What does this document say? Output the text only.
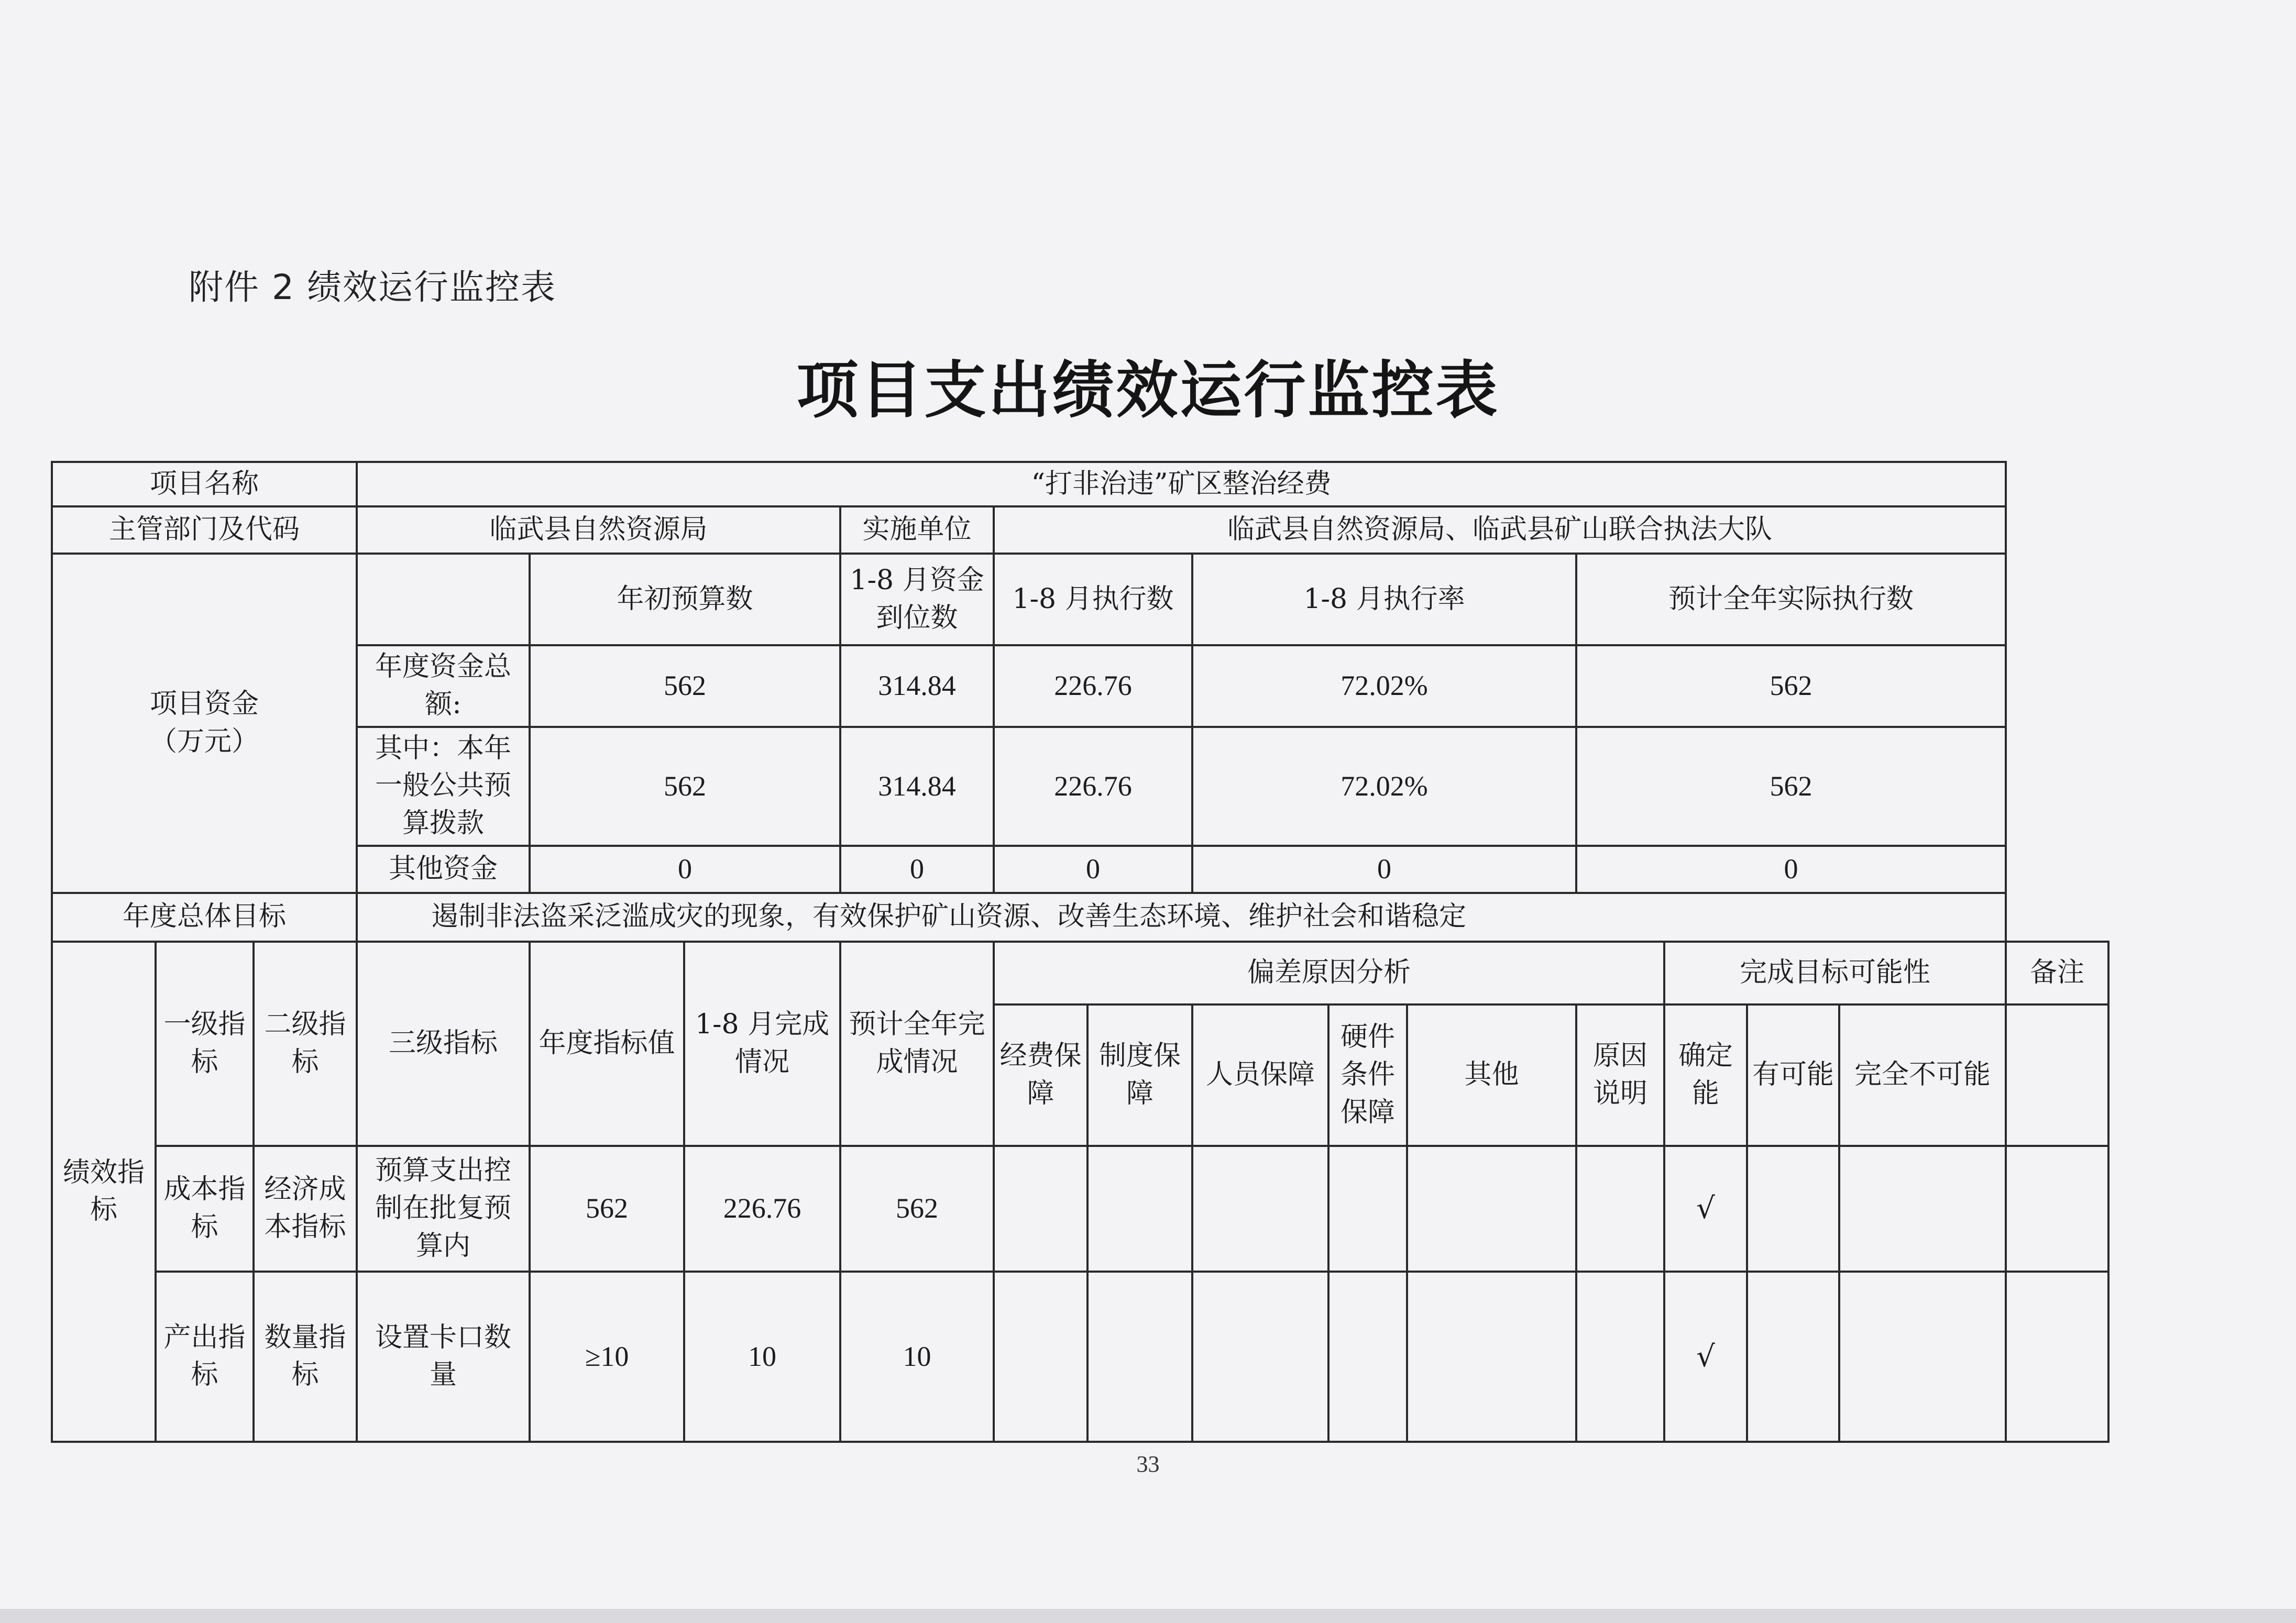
附件 2 绩效运行监控表
项目支出绩效运行监控表
项目名称			“打非治违”矿区整治经费													
主管部门及代码			临武县自然资源局			实施单位	临武县自然资源局、临武县矿山联合执法大队									
项目资金
（万元）				年初预算数		1-8 月资金到位数	1-8 月执行数		1-8 月执行率			预计全年实际执行数				
			年度资金总额:	562		314.84	226.76		72.02%			562				
			其中：本年一般公共预算拨款	562		314.84	226.76		72.02%			562				
			其他资金	0		0	0		0			0				
年度总体目标			遏制非法盗采泛滥成灾的现象，有效保护矿山资源、改善生态环境、维护社会和谐稳定													
绩效指标	一级指标	二级指标	三级指标	年度指标值	1-8 月完成情况	预计全年完成情况	偏差原因分析						完成目标可能性			备注
							经费保障	制度保障	人员保障	硬件条件保障	其他	原因说明	确定能	有可能	完全不可能	
	成本指标	经济成本指标	预算支出控制在批复预算内	562	226.76	562							√			
	产出指标	数量指标	设置卡口数量	≥10	10	10							√			
33
